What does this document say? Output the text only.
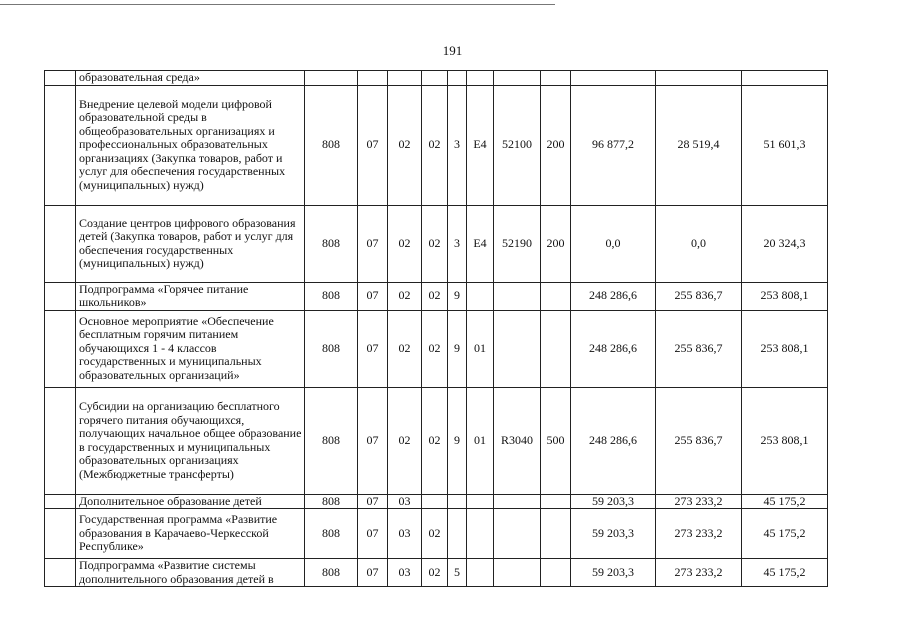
191
	образовательная среда»											
	Внедрение целевой модели цифровой образовательной среды в общеобразовательных организациях и профессиональных образовательных организациях (Закупка товаров, работ и услуг для обеспечения государственных (муниципальных) нужд)	808	07	02	02	3	E4	52100	200	96 877,2	28 519,4	51 601,3
	Создание центров цифрового образования детей (Закупка товаров, работ и услуг для обеспечения государственных (муниципальных) нужд)	808	07	02	02	3	E4	52190	200	0,0	0,0	20 324,3
	Подпрограмма «Горячее питание школьников»	808	07	02	02	9				248 286,6	255 836,7	253 808,1
	Основное мероприятие «Обеспечение бесплатным горячим питанием обучающихся 1 - 4 классов государственных и муниципальных образовательных организаций»	808	07	02	02	9	01			248 286,6	255 836,7	253 808,1
	Субсидии на организацию бесплатного горячего питания обучающихся, получающих начальное общее образование в государственных и муниципальных образовательных организациях (Межбюджетные трансферты)	808	07	02	02	9	01	R3040	500	248 286,6	255 836,7	253 808,1
	Дополнительное образование детей	808	07	03						59 203,3	273 233,2	45 175,2
	Государственная программа «Развитие образования в Карачаево-Черкесской Республике»	808	07	03	02					59 203,3	273 233,2	45 175,2
	Подпрограмма «Развитие системы дополнительного образования детей в	808	07	03	02	5				59 203,3	273 233,2	45 175,2
